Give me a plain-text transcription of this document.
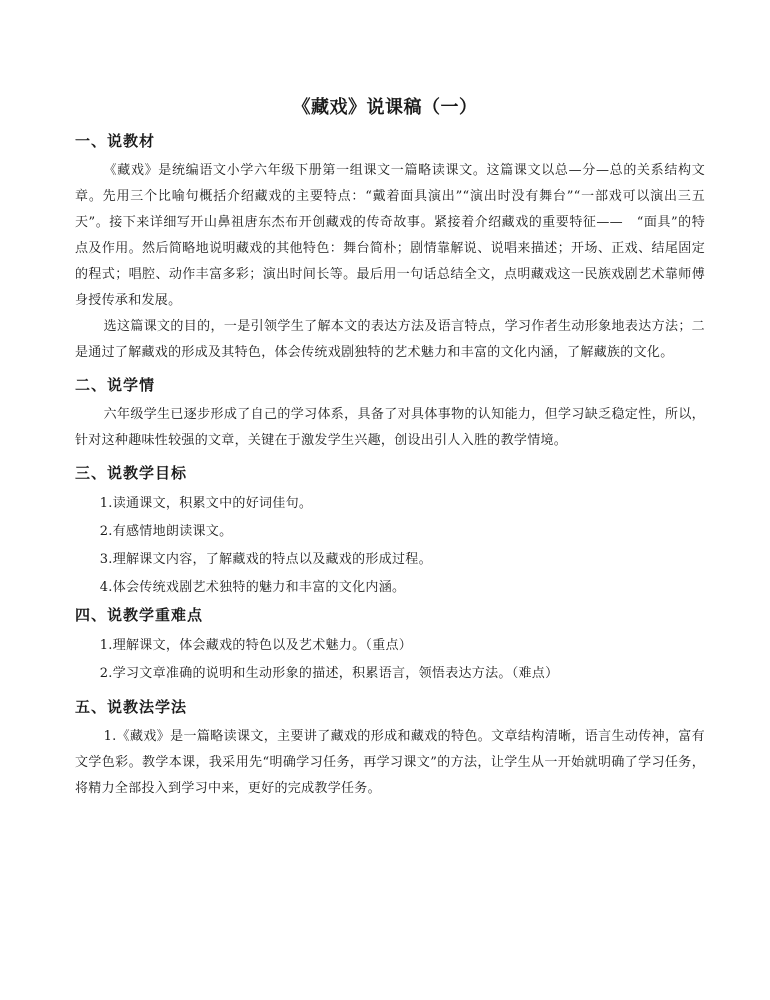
《藏戏》说课稿（一）
一、说教材

《藏戏》是统编语文小学六年级下册第一组课文一篇略读课文。这篇课文以总—分—总的关系结构文章。先用三个比喻句概括介绍藏戏的主要特点：“戴着面具演出”“演出时没有舞台”“一部戏可以演出三五天”。接下来详细写开山鼻祖唐东杰布开创藏戏的传奇故事。紧接着介绍藏戏的重要特征——　“面具”的特点及作用。然后简略地说明藏戏的其他特色：舞台简朴；剧情靠解说、说唱来描述；开场、正戏、结尾固定的程式；唱腔、动作丰富多彩；演出时间长等。最后用一句话总结全文，点明藏戏这一民族戏剧艺术靠师傅身授传承和发展。

选这篇课文的目的，一是引领学生了解本文的表达方法及语言特点，学习作者生动形象地表达方法；二是通过了解藏戏的形成及其特色，体会传统戏剧独特的艺术魅力和丰富的文化内涵，了解藏族的文化。

二、说学情

六年级学生已逐步形成了自己的学习体系，具备了对具体事物的认知能力，但学习缺乏稳定性，所以，针对这种趣味性较强的文章，关键在于激发学生兴趣，创设出引人入胜的教学情境。

三、说教学目标

1.读通课文，积累文中的好词佳句。

2.有感情地朗读课文。

3.理解课文内容，了解藏戏的特点以及藏戏的形成过程。

4.体会传统戏剧艺术独特的魅力和丰富的文化内涵。

四、说教学重难点

1.理解课文，体会藏戏的特色以及艺术魅力。（重点）

2.学习文章准确的说明和生动形象的描述，积累语言，领悟表达方法。（难点）

五、说教法学法

1.《藏戏》是一篇略读课文，主要讲了藏戏的形成和藏戏的特色。文章结构清晰，语言生动传神，富有文学色彩。教学本课，我采用先“明确学习任务，再学习课文”的方法，让学生从一开始就明确了学习任务，将精力全部投入到学习中来，更好的完成教学任务。
